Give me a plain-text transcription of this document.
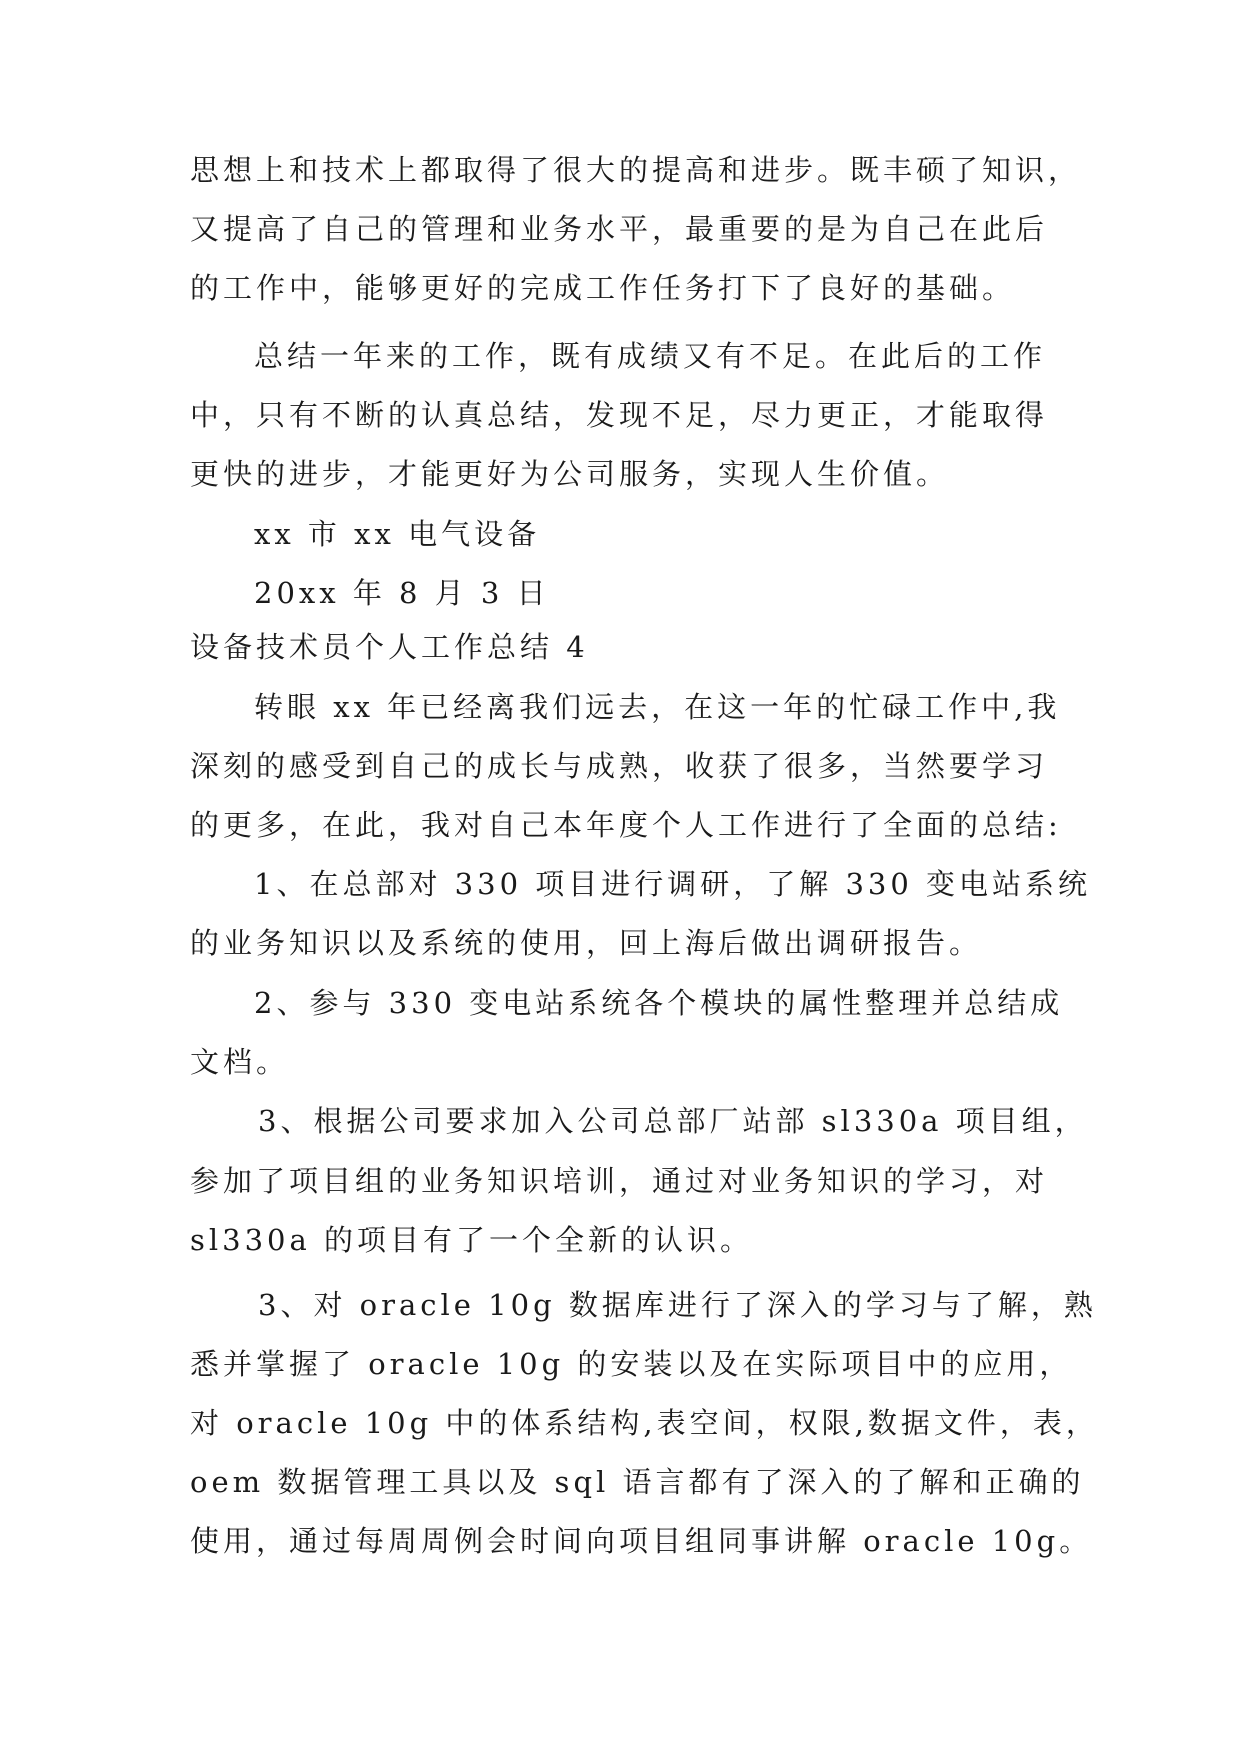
思想上和技术上都取得了很大的提高和进步。既丰硕了知识，

又提高了自己的管理和业务水平，最重要的是为自己在此后

的工作中，能够更好的完成工作任务打下了良好的基础。

总结一年来的工作，既有成绩又有不足。在此后的工作

中，只有不断的认真总结，发现不足，尽力更正，才能取得

更快的进步，才能更好为公司服务，实现人生价值。

xx 市 xx 电气设备

20xx 年 8 月 3 日

设备技术员个人工作总结 4

转眼 xx 年已经离我们远去，在这一年的忙碌工作中,我

深刻的感受到自己的成长与成熟，收获了很多，当然要学习

的更多，在此，我对自己本年度个人工作进行了全面的总结:

1、在总部对 330 项目进行调研，了解 330 变电站系统

的业务知识以及系统的使用，回上海后做出调研报告。

2、参与 330 变电站系统各个模块的属性整理并总结成

文档。

3、根据公司要求加入公司总部厂站部 sl330a 项目组，

参加了项目组的业务知识培训，通过对业务知识的学习，对

sl330a 的项目有了一个全新的认识。

3、对 oracle 10g 数据库进行了深入的学习与了解，熟

悉并掌握了 oracle 10g 的安装以及在实际项目中的应用，

对 oracle 10g 中的体系结构,表空间，权限,数据文件，表，

oem 数据管理工具以及 sql 语言都有了深入的了解和正确的

使用，通过每周周例会时间向项目组同事讲解 oracle 10g。
